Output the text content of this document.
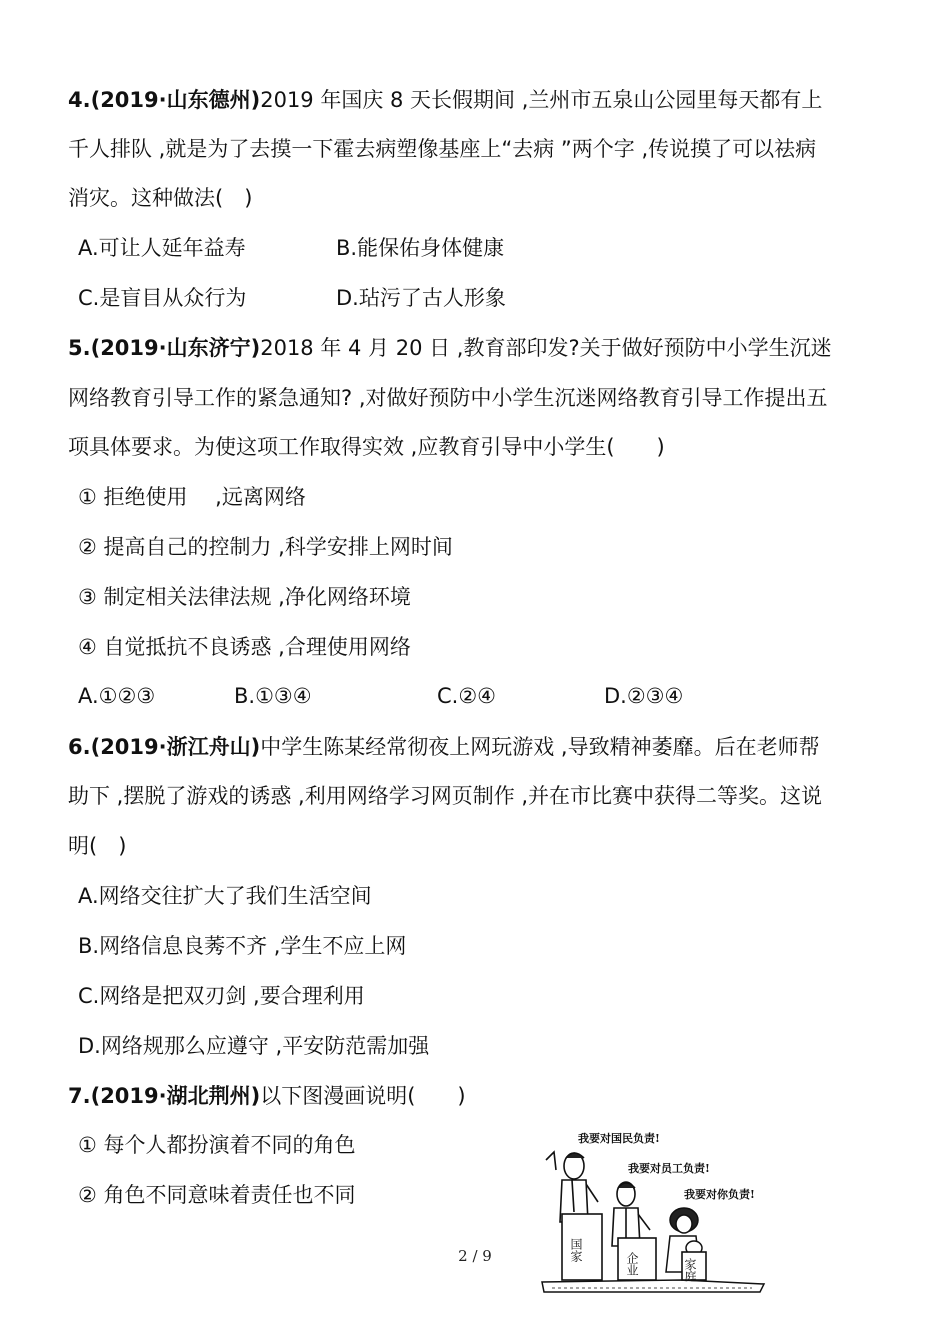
4.(2019·山东德州)2019 年国庆 8 天长假期间 ,兰州市五泉山公园里每天都有上

千人排队 ,就是为了去摸一下霍去病塑像基座上“去病 ”两个字 ,传说摸了可以祛病

消灾。这种做法(　)

A.可让人延年益寿	B.能保佑身体健康

C.是盲目从众行为	D.玷污了古人形象

5.(2019·山东济宁)2018 年 4 月 20 日 ,教育部印发?关于做好预防中小学生沉迷

网络教育引导工作的紧急通知? ,对做好预防中小学生沉迷网络教育引导工作提出五

项具体要求。为使这项工作取得实效 ,应教育引导中小学生(　　)

① 拒绝使用　 ,远离网络

② 提高自己的控制力 ,科学安排上网时间

③ 制定相关法律法规 ,净化网络环境

④ 自觉抵抗不良诱惑 ,合理使用网络

A.①②③	B.①③④	C.②④	D.②③④

6.(2019·浙江舟山)中学生陈某经常彻夜上网玩游戏 ,导致精神萎靡。后在老师帮

助下 ,摆脱了游戏的诱惑 ,利用网络学习网页制作 ,并在市比赛中获得二等奖。这说

明(　)

A.网络交往扩大了我们生活空间

B.网络信息良莠不齐 ,学生不应上网

C.网络是把双刃剑 ,要合理利用

D.网络规那么应遵守 ,平安防范需加强

7.(2019·湖北荆州)以下图漫画说明(　　)

① 每个人都扮演着不同的角色

② 角色不同意味着责任也不同

我要对国民负责!
我要对员工负责!
我要对你负责!
国家
企业	家庭
2 / 9
